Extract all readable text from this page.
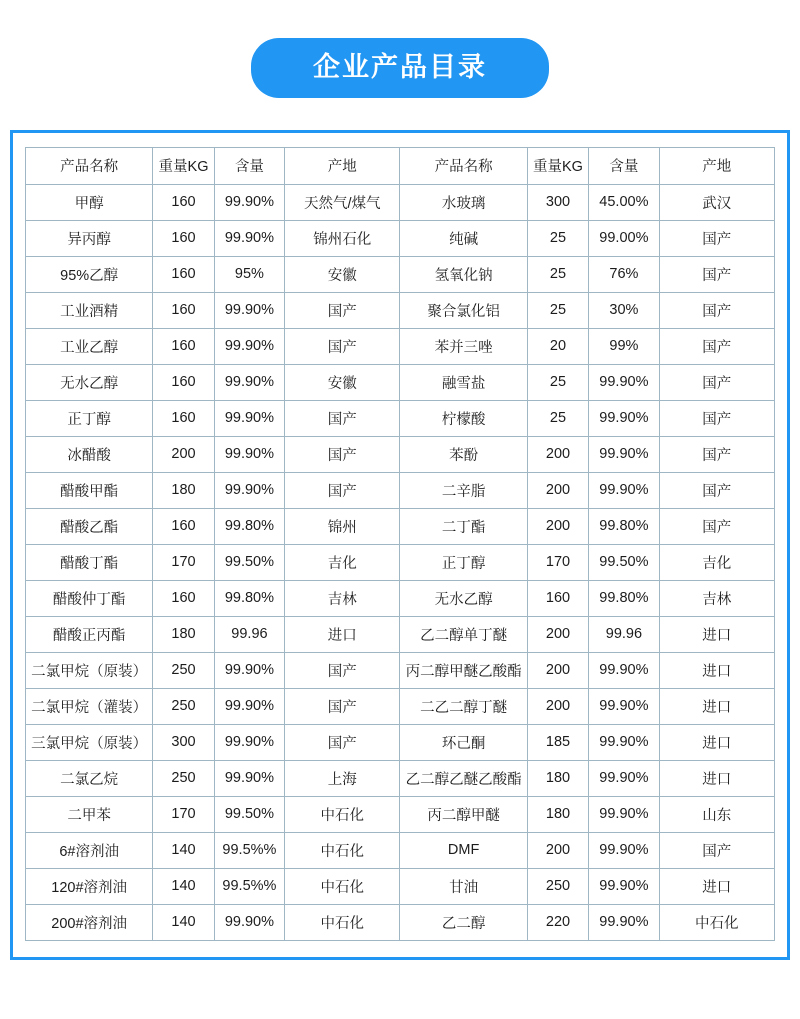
企业产品目录
产品名称	重量KG	含量	产地	产品名称	重量KG	含量	产地
甲醇	160	99.90%	天然气/煤气	水玻璃	300	45.00%	武汉
异丙醇	160	99.90%	锦州石化	纯碱	25	99.00%	国产
95%乙醇	160	95%	安徽	氢氧化钠	25	76%	国产
工业酒精	160	99.90%	国产	聚合氯化铝	25	30%	国产
工业乙醇	160	99.90%	国产	苯并三唑	20	99%	国产
无水乙醇	160	99.90%	安徽	融雪盐	25	99.90%	国产
正丁醇	160	99.90%	国产	柠檬酸	25	99.90%	国产
冰醋酸	200	99.90%	国产	苯酚	200	99.90%	国产
醋酸甲酯	180	99.90%	国产	二辛脂	200	99.90%	国产
醋酸乙酯	160	99.80%	锦州	二丁酯	200	99.80%	国产
醋酸丁酯	170	99.50%	吉化	正丁醇	170	99.50%	吉化
醋酸仲丁酯	160	99.80%	吉林	无水乙醇	160	99.80%	吉林
醋酸正丙酯	180	99.96	进口	乙二醇单丁醚	200	99.96	进口
二氯甲烷（原装）	250	99.90%	国产	丙二醇甲醚乙酸酯	200	99.90%	进口
二氯甲烷（灌装）	250	99.90%	国产	二乙二醇丁醚	200	99.90%	进口
三氯甲烷（原装）	300	99.90%	国产	环己酮	185	99.90%	进口
二氯乙烷	250	99.90%	上海	乙二醇乙醚乙酸酯	180	99.90%	进口
二甲苯	170	99.50%	中石化	丙二醇甲醚	180	99.90%	山东
6#溶剂油	140	99.5%%	中石化	DMF	200	99.90%	国产
120#溶剂油	140	99.5%%	中石化	甘油	250	99.90%	进口
200#溶剂油	140	99.90%	中石化	乙二醇	220	99.90%	中石化
